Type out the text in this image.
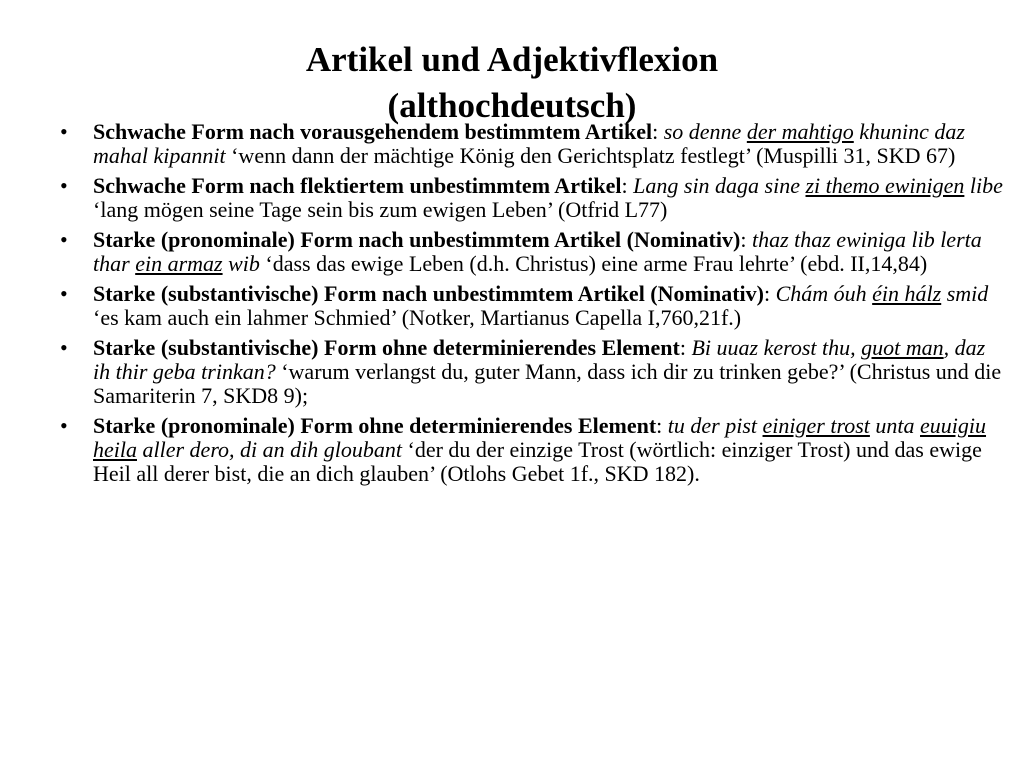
Artikel und Adjektivflexion
(althochdeutsch)
•	Schwache Form nach vorausgehendem bestimmtem Artikel: so denne der mahtigo khuninc daz mahal kipannit ‘wenn dann der mächtige König den Gerichtsplatz festlegt’ (Muspilli 31, SKD 67)
•	Schwache Form nach flektiertem unbestimmtem Artikel: Lang sin daga sine zi themo ewinigen libe ‘lang mögen seine Tage sein bis zum ewigen Leben’ (Otfrid L77)
•	Starke (pronominale) Form nach unbestimmtem Artikel (Nominativ): thaz thaz ewiniga lib lerta thar ein armaz wib ‘dass das ewige Leben (d.h. Christus) eine arme Frau lehrte’ (ebd. II,14,84)
•	Starke (substantivische) Form nach unbestimmtem Artikel (Nominativ): Chám óuh éin hálz smid ‘es kam auch ein lahmer Schmied’ (Notker, Martianus Capella I,760,21f.)
•	Starke (substantivische) Form ohne determinierendes Element: Bi uuaz kerost thu, guot man, daz ih thir geba trinkan? ‘warum verlangst du, guter Mann, dass ich dir zu trinken gebe?’ (Christus und die Samariterin 7, SKD8 9);
•	Starke (pronominale) Form ohne determinierendes Element: tu der pist einiger trost unta euuigiu heila aller dero, di an dih gloubant ‘der du der einzige Trost (wörtlich: einziger Trost) und das ewige Heil all derer bist, die an dich glauben’ (Otlohs Gebet 1f., SKD 182).
